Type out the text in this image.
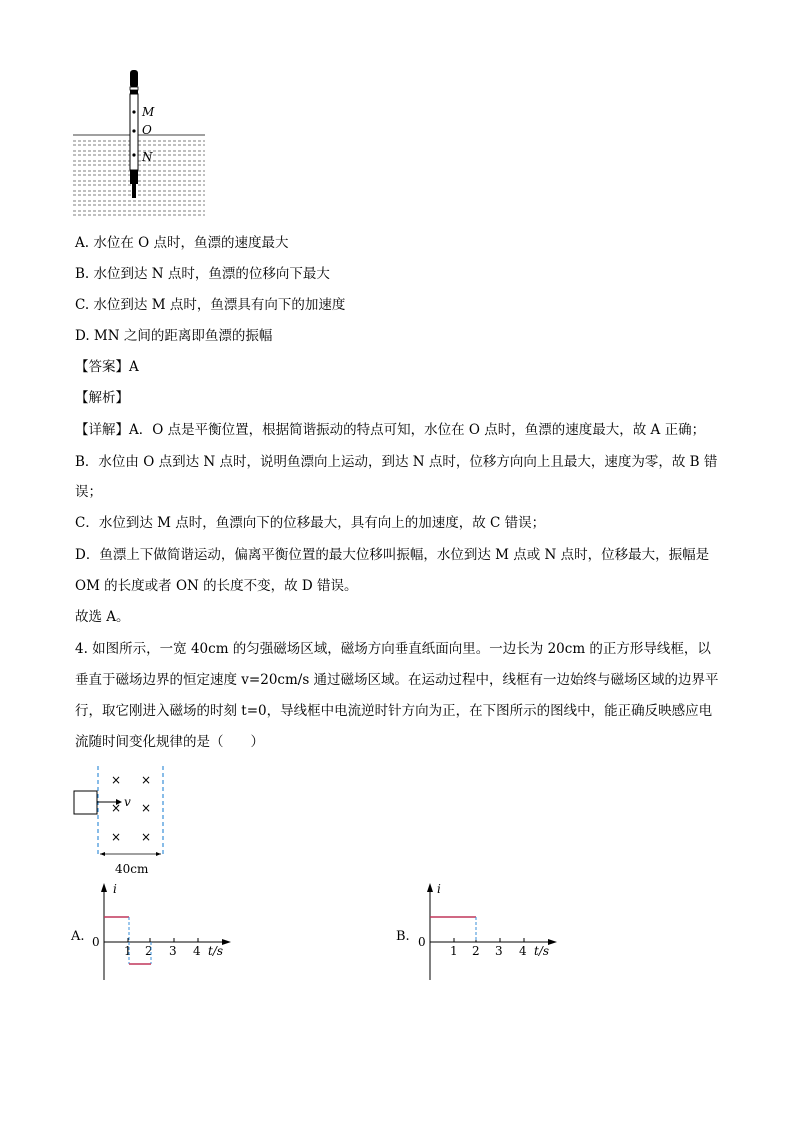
M
O
N
A. 水位在 O 点时，鱼漂的速度最大
B. 水位到达 N 点时，鱼漂的位移向下最大
C. 水位到达 M 点时，鱼漂具有向下的加速度
D. MN 之间的距离即鱼漂的振幅
【答案】A
【解析】
【详解】A．O 点是平衡位置，根据简谐振动的特点可知，水位在 O 点时，鱼漂的速度最大，故 A 正确；
B．水位由 O 点到达 N 点时，说明鱼漂向上运动，到达 N 点时，位移方向向上且最大，速度为零，故 B 错
误；
C．水位到达 M 点时，鱼漂向下的位移最大，具有向上的加速度，故 C 错误；
D．鱼漂上下做简谐运动，偏离平衡位置的最大位移叫振幅，水位到达 M 点或 N 点时，位移最大，振幅是
OM 的长度或者 ON 的长度不变，故 D 错误。
故选 A。
4. 如图所示，一宽 40cm 的匀强磁场区域，磁场方向垂直纸面向里。一边长为 20cm 的正方形导线框，以
垂直于磁场边界的恒定速度 v=20cm/s 通过磁场区域。在运动过程中，线框有一边始终与磁场区域的边界平
行，取它刚进入磁场的时刻 t=0，导线框中电流逆时针方向为正，在下图所示的图线中，能正确反映感应电
流随时间变化规律的是（　　）
v
× ×
× ×
× ×
40cm
A.
i
0
1 2 3 4 t/s
B.
i
0
1 2 3 4 t/s
